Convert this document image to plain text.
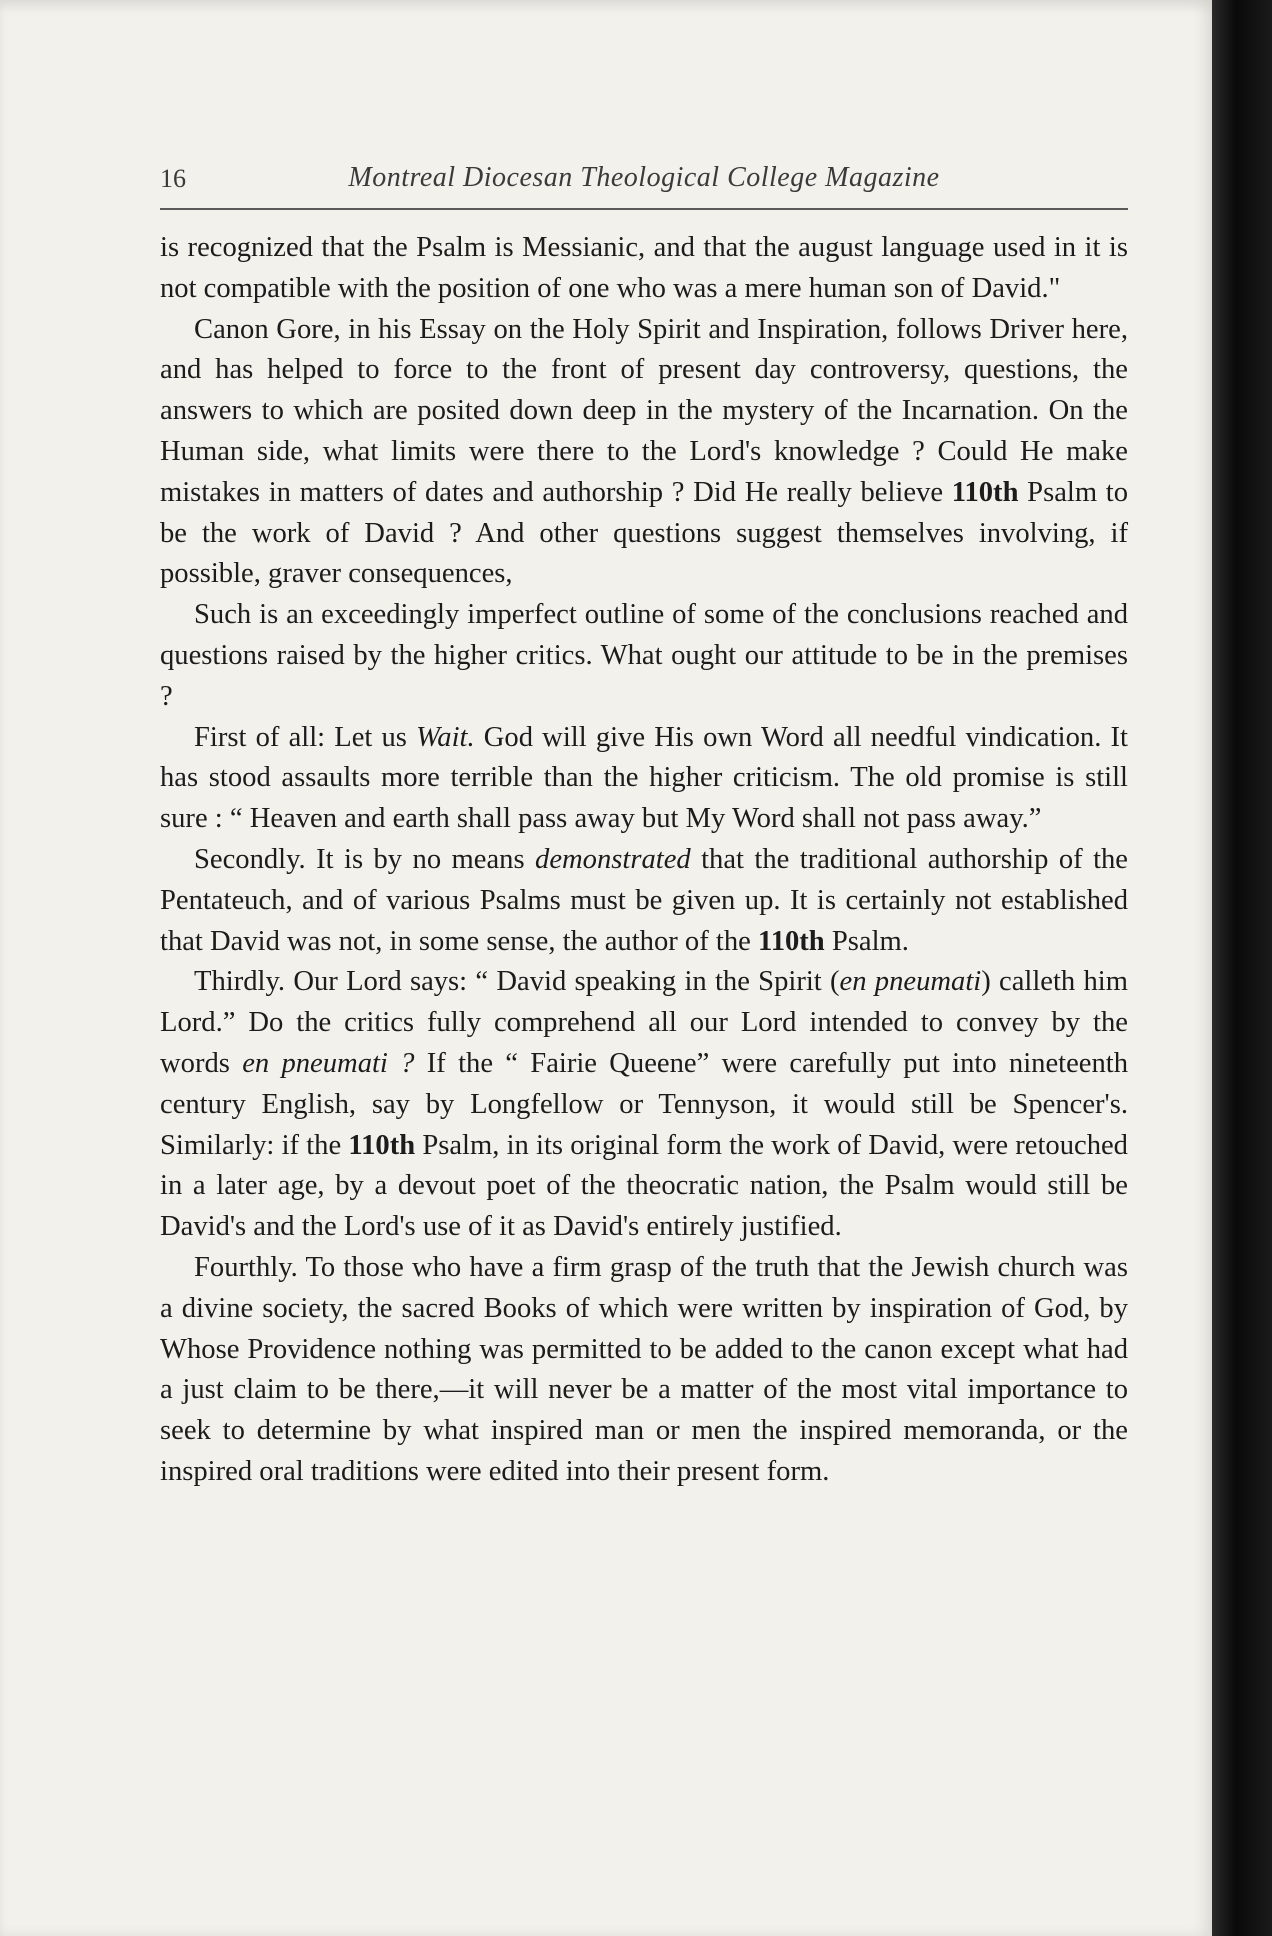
16	Montreal Diocesan Theological College Magazine

is recognized that the Psalm is Messianic, and that the august language used in it is not compatible with the position of one who was a mere human son of David."

Canon Gore, in his Essay on the Holy Spirit and Inspiration, follows Driver here, and has helped to force to the front of present day controversy, questions, the answers to which are posited down deep in the mystery of the Incarnation. On the Human side, what limits were there to the Lord's knowledge ? Could He make mistakes in matters of dates and authorship ? Did He really believe 110th Psalm to be the work of David ? And other questions suggest themselves involving, if possible, graver consequences,

Such is an exceedingly imperfect outline of some of the conclusions reached and questions raised by the higher critics. What ought our attitude to be in the premises ?

First of all: Let us Wait. God will give His own Word all needful vindication. It has stood assaults more terrible than the higher criticism. The old promise is still sure : “ Heaven and earth shall pass away but My Word shall not pass away.”

Secondly. It is by no means demonstrated that the traditional authorship of the Pentateuch, and of various Psalms must be given up. It is certainly not established that David was not, in some sense, the author of the 110th Psalm.

Thirdly. Our Lord says: “ David speaking in the Spirit (en pneumati) calleth him Lord.” Do the critics fully comprehend all our Lord intended to convey by the words en pneumati ? If the “ Fairie Queene” were carefully put into nineteenth century English, say by Longfellow or Tennyson, it would still be Spencer's. Similarly: if the 110th Psalm, in its original form the work of David, were retouched in a later age, by a devout poet of the theocratic nation, the Psalm would still be David's and the Lord's use of it as David's entirely justified.

Fourthly. To those who have a firm grasp of the truth that the Jewish church was a divine society, the sacred Books of which were written by inspiration of God, by Whose Providence nothing was permitted to be added to the canon except what had a just claim to be there,—it will never be a matter of the most vital importance to seek to determine by what inspired man or men the inspired memoranda, or the inspired oral traditions were edited into their present form.
